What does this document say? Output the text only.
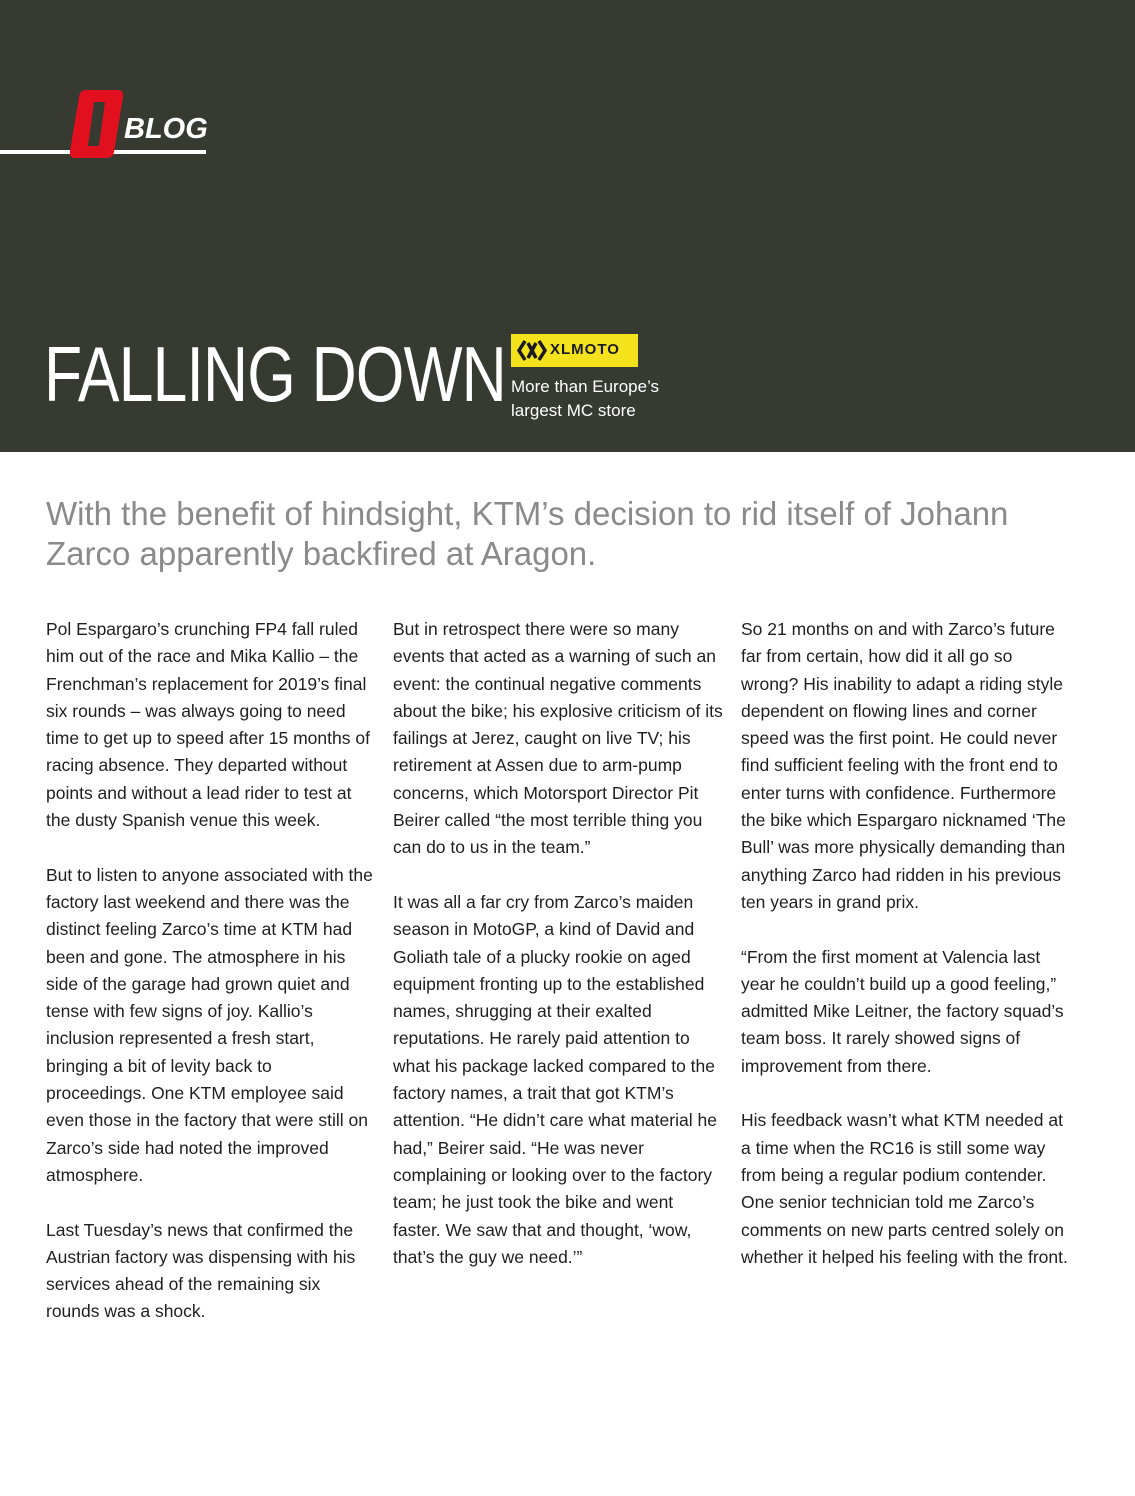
BLOG
FALLING DOWN	XLMOTO
More than Europe’s largest MC store

With the benefit of hindsight, KTM’s decision to rid itself of Johann Zarco apparently backfired at Aragon.

Pol Espargaro’s crunching FP4 fall ruled him out of the race and Mika Kallio – the Frenchman’s replacement for 2019’s final six rounds – was always going to need time to get up to speed after 15 months of racing absence. They departed without points and without a lead rider to test at the dusty Spanish venue this week.

But to listen to anyone associated with the factory last weekend and there was the distinct feeling Zarco’s time at KTM had been and gone. The atmosphere in his side of the garage had grown quiet and tense with few signs of joy. Kallio’s inclusion represented a fresh start, bringing a bit of levity back to proceedings. One KTM employee said even those in the factory that were still on Zarco’s side had noted the improved atmosphere.

Last Tuesday’s news that confirmed the Austrian factory was dispensing with his services ahead of the remaining six rounds was a shock.

But in retrospect there were so many events that acted as a warning of such an event: the continual negative comments about the bike; his explosive criticism of its failings at Jerez, caught on live TV; his retirement at Assen due to arm-pump concerns, which Motorsport Director Pit Beirer called “the most terrible thing you can do to us in the team.”

It was all a far cry from Zarco’s maiden season in MotoGP, a kind of David and Goliath tale of a plucky rookie on aged equipment fronting up to the established names, shrugging at their exalted reputations. He rarely paid attention to what his package lacked compared to the factory names, a trait that got KTM’s attention. “He didn’t care what material he had,” Beirer said. “He was never complaining or looking over to the factory team; he just took the bike and went faster. We saw that and thought, ‘wow, that’s the guy we need.’”

So 21 months on and with Zarco’s future far from certain, how did it all go so wrong? His inability to adapt a riding style dependent on flowing lines and corner speed was the first point. He could never find sufficient feeling with the front end to enter turns with confidence. Furthermore the bike which Espargaro nicknamed ‘The Bull’ was more physically demanding than anything Zarco had ridden in his previous ten years in grand prix.

“From the first moment at Valencia last year he couldn’t build up a good feeling,” admitted Mike Leitner, the factory squad’s team boss. It rarely showed signs of improvement from there.

His feedback wasn’t what KTM needed at a time when the RC16 is still some way from being a regular podium contender. One senior technician told me Zarco’s comments on new parts centred solely on whether it helped his feeling with the front.
